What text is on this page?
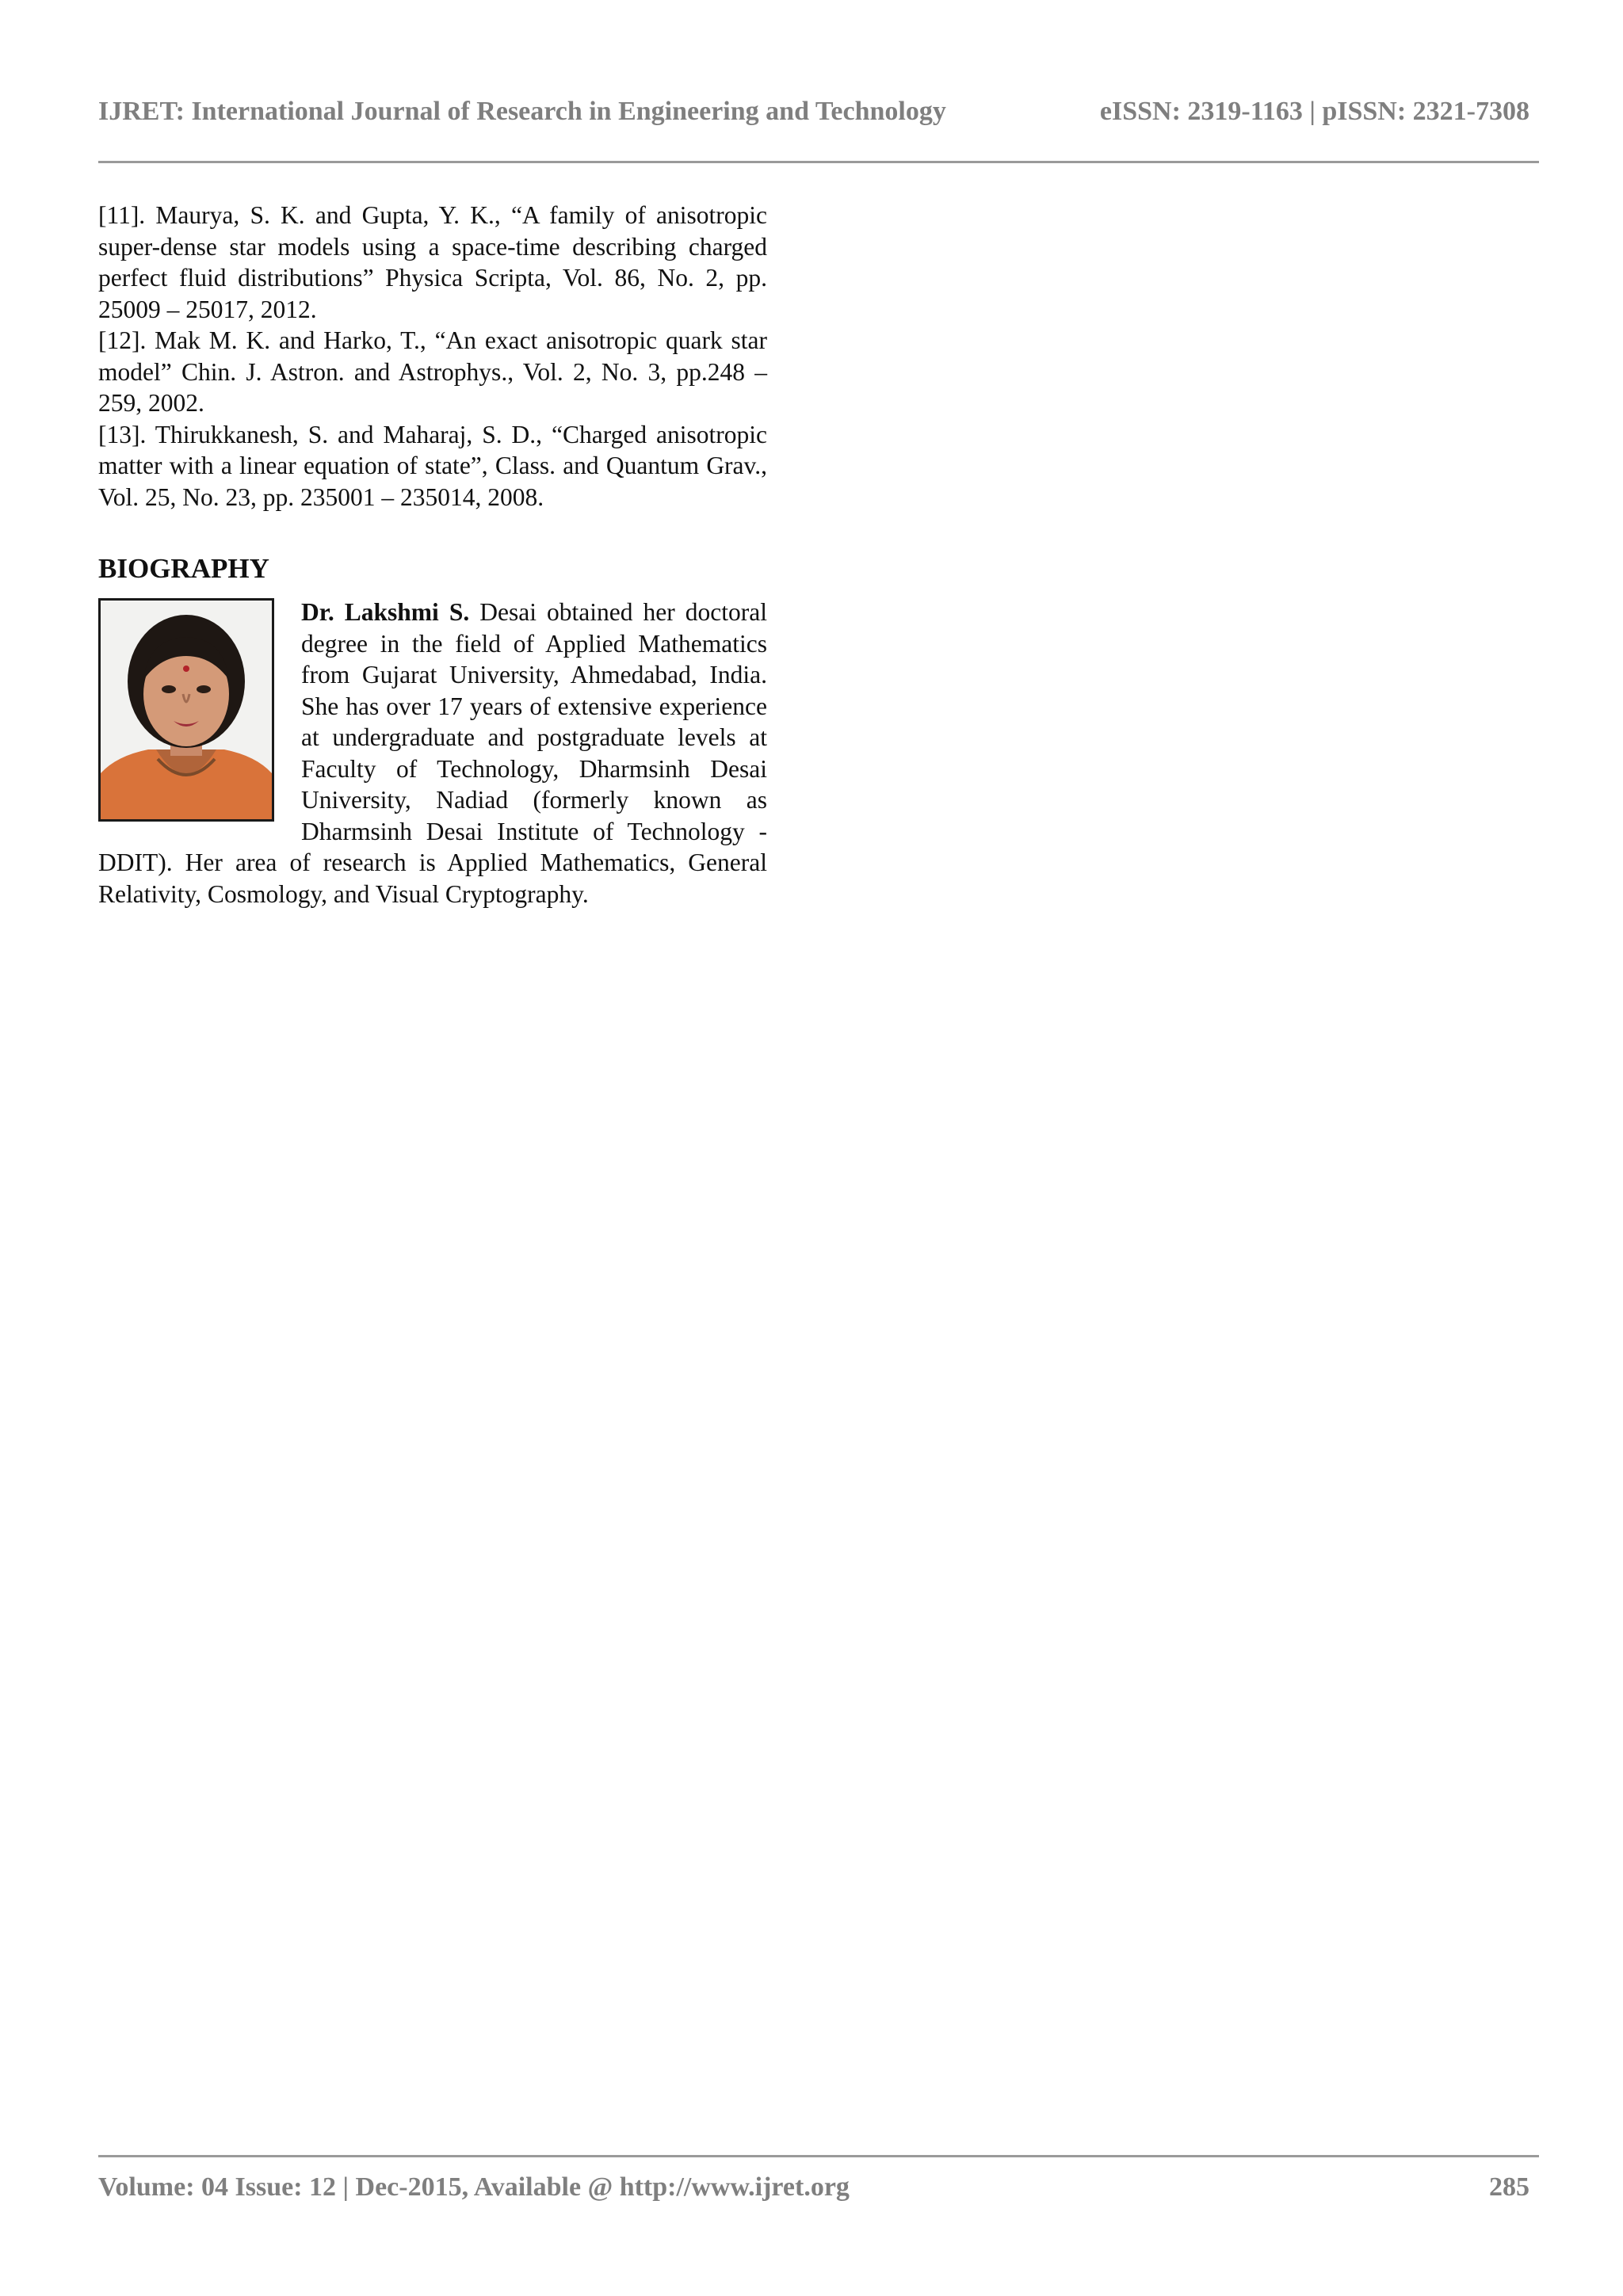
IJRET: International Journal of Research in Engineering and Technology	eISSN: 2319-1163 | pISSN: 2321-7308

[11]. Maurya, S. K. and Gupta, Y. K., “A family of anisotropic super-dense star models using a space-time describing charged perfect fluid distributions” Physica Scripta, Vol. 86, No. 2, pp. 25009 – 25017, 2012.

[12]. Mak M. K. and Harko, T., “An exact anisotropic quark star model” Chin. J. Astron. and Astrophys., Vol. 2, No. 3, pp.248 – 259, 2002.

[13]. Thirukkanesh, S. and Maharaj, S. D., “Charged anisotropic matter with a linear equation of state”, Class. and Quantum Grav., Vol. 25, No. 23, pp. 235001 – 235014, 2008.

BIOGRAPHY
Dr. Lakshmi S. Desai obtained her doctoral degree in the field of Applied Mathematics from Gujarat University, Ahmedabad, India. She has over 17 years of extensive experience at undergraduate and postgraduate levels at Faculty of Technology, Dharmsinh Desai University, Nadiad (formerly known as Dharmsinh Desai Institute of Technology - DDIT). Her area of research is Applied Mathematics, General Relativity, Cosmology, and Visual Cryptography.
Volume: 04 Issue: 12 | Dec-2015, Available @ http://www.ijret.org	285
